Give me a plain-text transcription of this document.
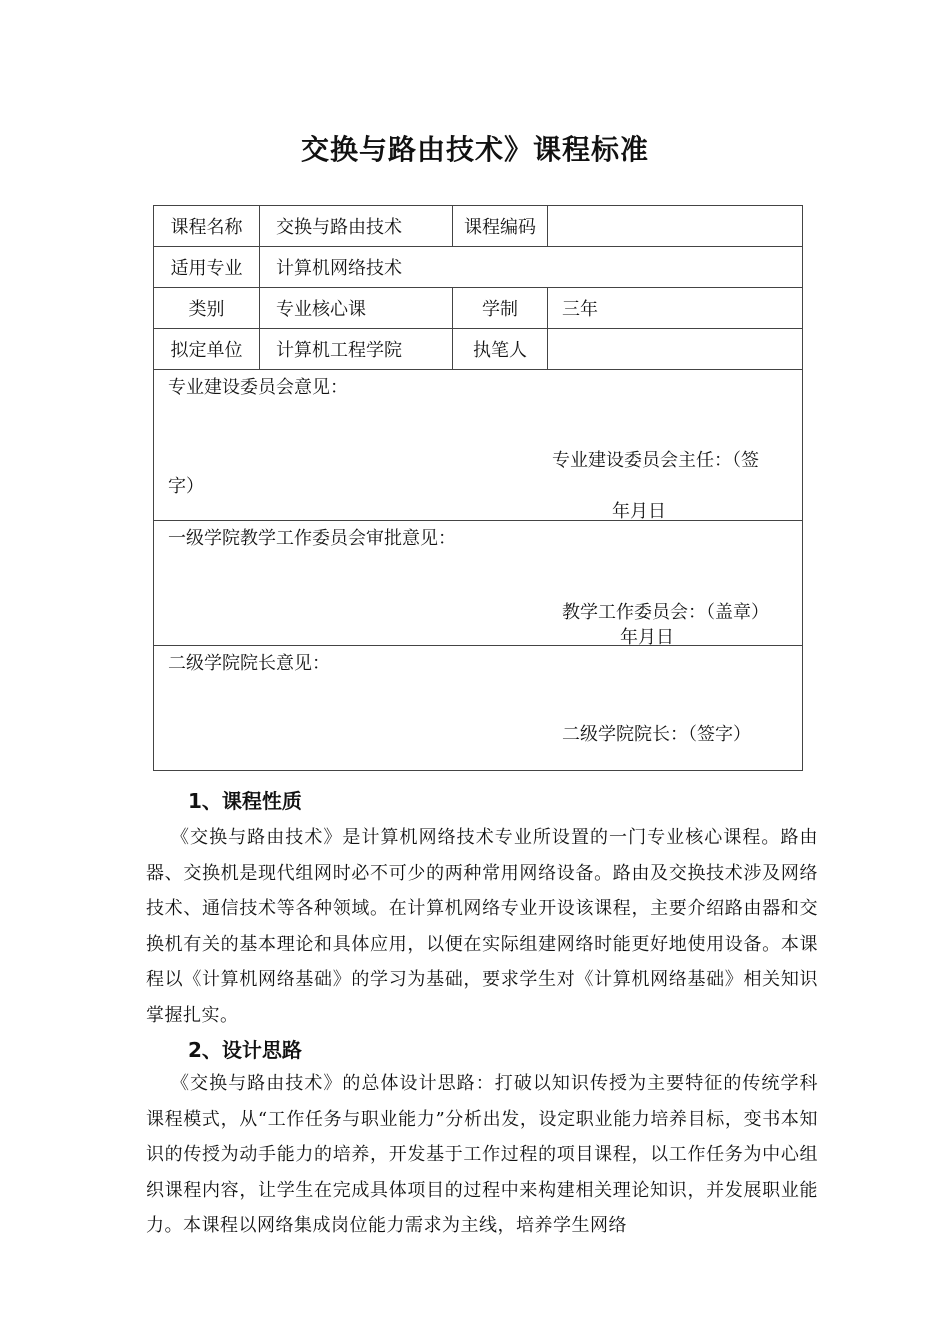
交换与路由技术》课程标准
课程名称	交换与路由技术	课程编码	
适用专业	计算机网络技术		
类别	专业核心课	学制	三年
拟定单位	计算机工程学院	执笔人	

专业建设委员会意见：
专业建设委员会主任：（签
字）
年月日			

一级学院教学工作委员会审批意见：
教学工作委员会：（盖章）
年月日			

二级学院院长意见：
二级学院院长：（签字）			
1、课程性质

《交换与路由技术》是计算机网络技术专业所设置的一门专业核心课程。路由器、交换机是现代组网时必不可少的两种常用网络设备。路由及交换技术涉及网络技术、通信技术等各种领域。在计算机网络专业开设该课程，主要介绍路由器和交换机有关的基本理论和具体应用，以便在实际组建网络时能更好地使用设备。本课程以《计算机网络基础》的学习为基础，要求学生对《计算机网络基础》相关知识掌握扎实。

2、设计思路

《交换与路由技术》的总体设计思路：打破以知识传授为主要特征的传统学科课程模式，从“工作任务与职业能力”分析出发，设定职业能力培养目标，变书本知识的传授为动手能力的培养，开发基于工作过程的项目课程，以工作任务为中心组织课程内容，让学生在完成具体项目的过程中来构建相关理论知识，并发展职业能力。本课程以网络集成岗位能力需求为主线，培养学生网络
